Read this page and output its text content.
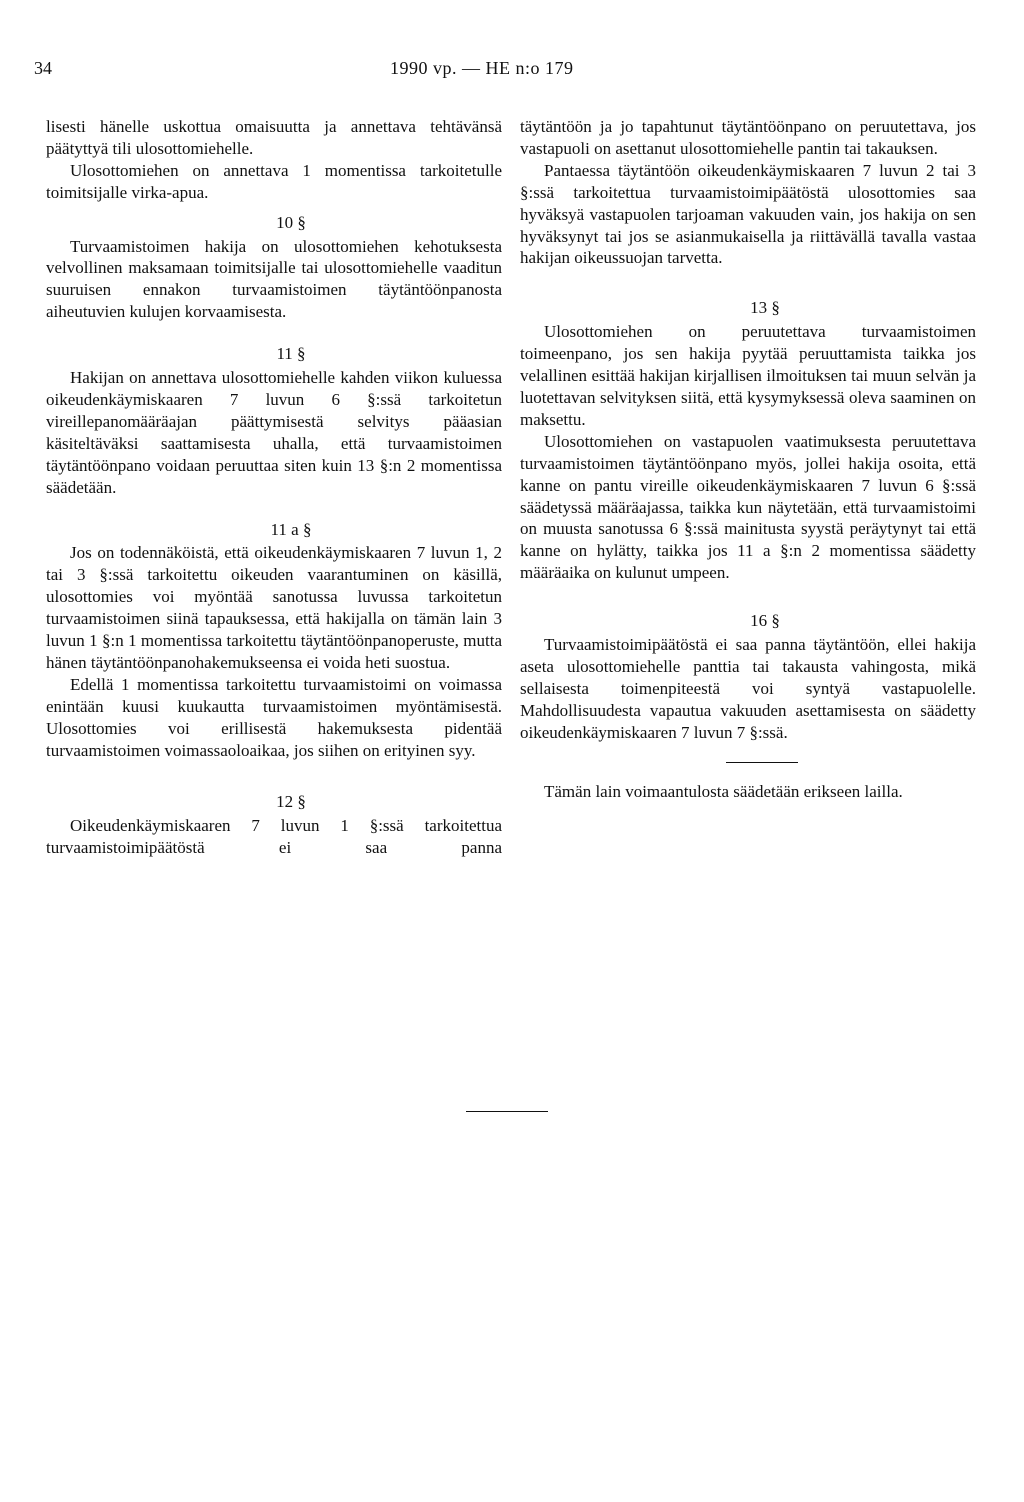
34	1990 vp. — HE n:o 179

lisesti hänelle uskottua omaisuutta ja annettava tehtävänsä päätyttyä tili ulosottomiehelle.

Ulosottomiehen on annettava 1 momentissa tarkoitetulle toimitsijalle virka-apua.

10 §

Turvaamistoimen hakija on ulosottomiehen kehotuksesta velvollinen maksamaan toimitsijalle tai ulosottomiehelle vaaditun suuruisen ennakon turvaamistoimen täytäntöönpanosta aiheutuvien kulujen korvaamisesta.

11 §

Hakijan on annettava ulosottomiehelle kahden viikon kuluessa oikeudenkäymiskaaren 7 luvun 6 §:ssä tarkoitetun vireillepanomääräajan päättymisestä selvitys pääasian käsiteltäväksi saattamisesta uhalla, että turvaamistoimen täytäntöönpano voidaan peruuttaa siten kuin 13 §:n 2 momentissa säädetään.

11 a §

Jos on todennäköistä, että oikeudenkäymiskaaren 7 luvun 1, 2 tai 3 §:ssä tarkoitettu oikeuden vaarantuminen on käsillä, ulosottomies voi myöntää sanotussa luvussa tarkoitetun turvaamistoimen siinä tapauksessa, että hakijalla on tämän lain 3 luvun 1 §:n 1 momentissa tarkoitettu täytäntöönpanoperuste, mutta hänen täytäntöönpanohakemukseensa ei voida heti suostua.

Edellä 1 momentissa tarkoitettu turvaamistoimi on voimassa enintään kuusi kuukautta turvaamistoimen myöntämisestä. Ulosottomies voi erillisestä hakemuksesta pidentää turvaamistoimen voimassaoloaikaa, jos siihen on erityinen syy.

12 §

Oikeudenkäymiskaaren 7 luvun 1 §:ssä tarkoitettua turvaamistoimipäätöstä ei saa panna

täytäntöön ja jo tapahtunut täytäntöönpano on peruutettava, jos vastapuoli on asettanut ulosottomiehelle pantin tai takauksen.

Pantaessa täytäntöön oikeudenkäymiskaaren 7 luvun 2 tai 3 §:ssä tarkoitettua turvaamistoimipäätöstä ulosottomies saa hyväksyä vastapuolen tarjoaman vakuuden vain, jos hakija on sen hyväksynyt tai jos se asianmukaisella ja riittävällä tavalla vastaa hakijan oikeussuojan tarvetta.

13 §

Ulosottomiehen on peruutettava turvaamistoimen toimeenpano, jos sen hakija pyytää peruuttamista taikka jos velallinen esittää hakijan kirjallisen ilmoituksen tai muun selvän ja luotettavan selvityksen siitä, että kysymyksessä oleva saaminen on maksettu.

Ulosottomiehen on vastapuolen vaatimuksesta peruutettava turvaamistoimen täytäntöönpano myös, jollei hakija osoita, että kanne on pantu vireille oikeudenkäymiskaaren 7 luvun 6 §:ssä säädetyssä määräajassa, taikka kun näytetään, että turvaamistoimi on muusta sanotussa 6 §:ssä mainitusta syystä peräytynyt tai että kanne on hylätty, taikka jos 11 a §:n 2 momentissa säädetty määräaika on kulunut umpeen.

16 §

Turvaamistoimipäätöstä ei saa panna täytäntöön, ellei hakija aseta ulosottomiehelle panttia tai takausta vahingosta, mikä sellaisesta toimenpiteestä voi syntyä vastapuolelle. Mahdollisuudesta vapautua vakuuden asettamisesta on säädetty oikeudenkäymiskaaren 7 luvun 7 §:ssä.

Tämän lain voimaantulosta säädetään erikseen lailla.
